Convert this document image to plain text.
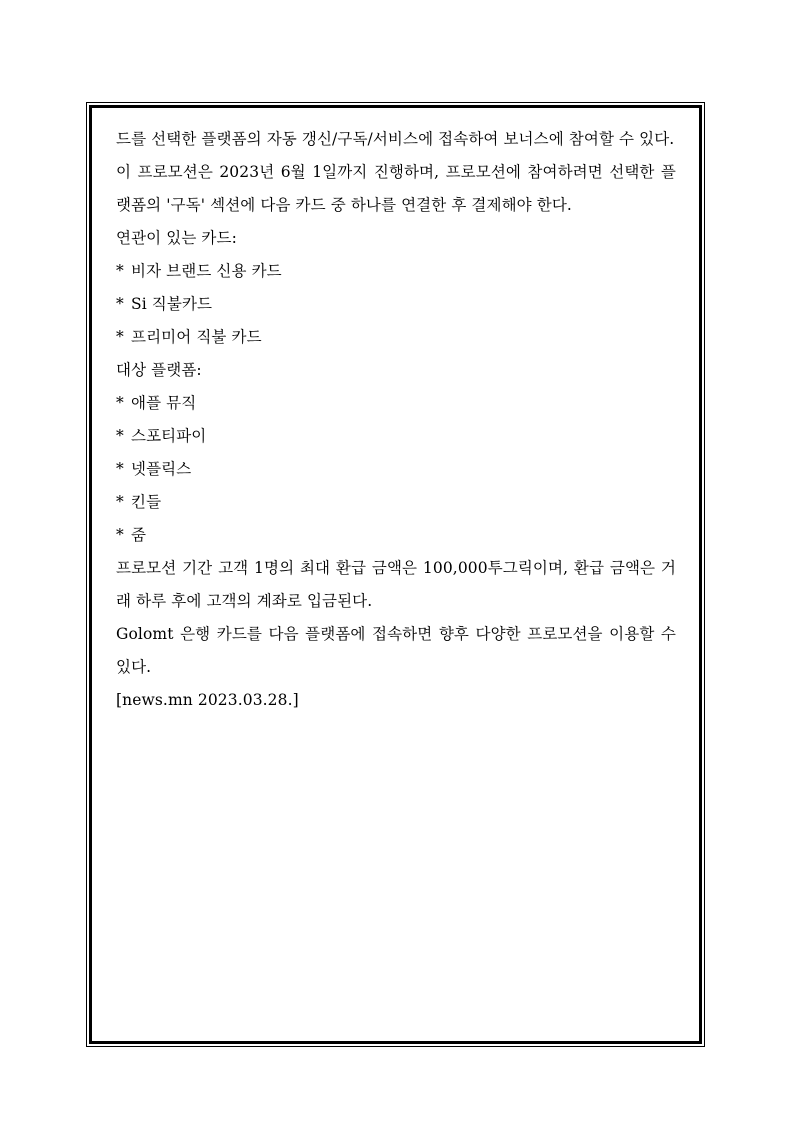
드를 선택한 플랫폼의 자동 갱신/구독/서비스에 접속하여 보너스에 참여할 수 있다.

이 프로모션은 2023년 6월 1일까지 진행하며, 프로모션에 참여하려면 선택한 플랫폼의 '구독' 섹션에 다음 카드 중 하나를 연결한 후 결제해야 한다.

연관이 있는 카드:

* 비자 브랜드 신용 카드

* Si 직불카드

* 프리미어 직불 카드

대상 플랫폼:

* 애플 뮤직

* 스포티파이

* 넷플릭스

* 킨들

* 줌

프로모션 기간 고객 1명의 최대 환급 금액은 100,000투그릭이며, 환급 금액은 거래 하루 후에 고객의 계좌로 입금된다.

Golomt 은행 카드를 다음 플랫폼에 접속하면 향후 다양한 프로모션을 이용할 수 있다.

[news.mn 2023.03.28.]
